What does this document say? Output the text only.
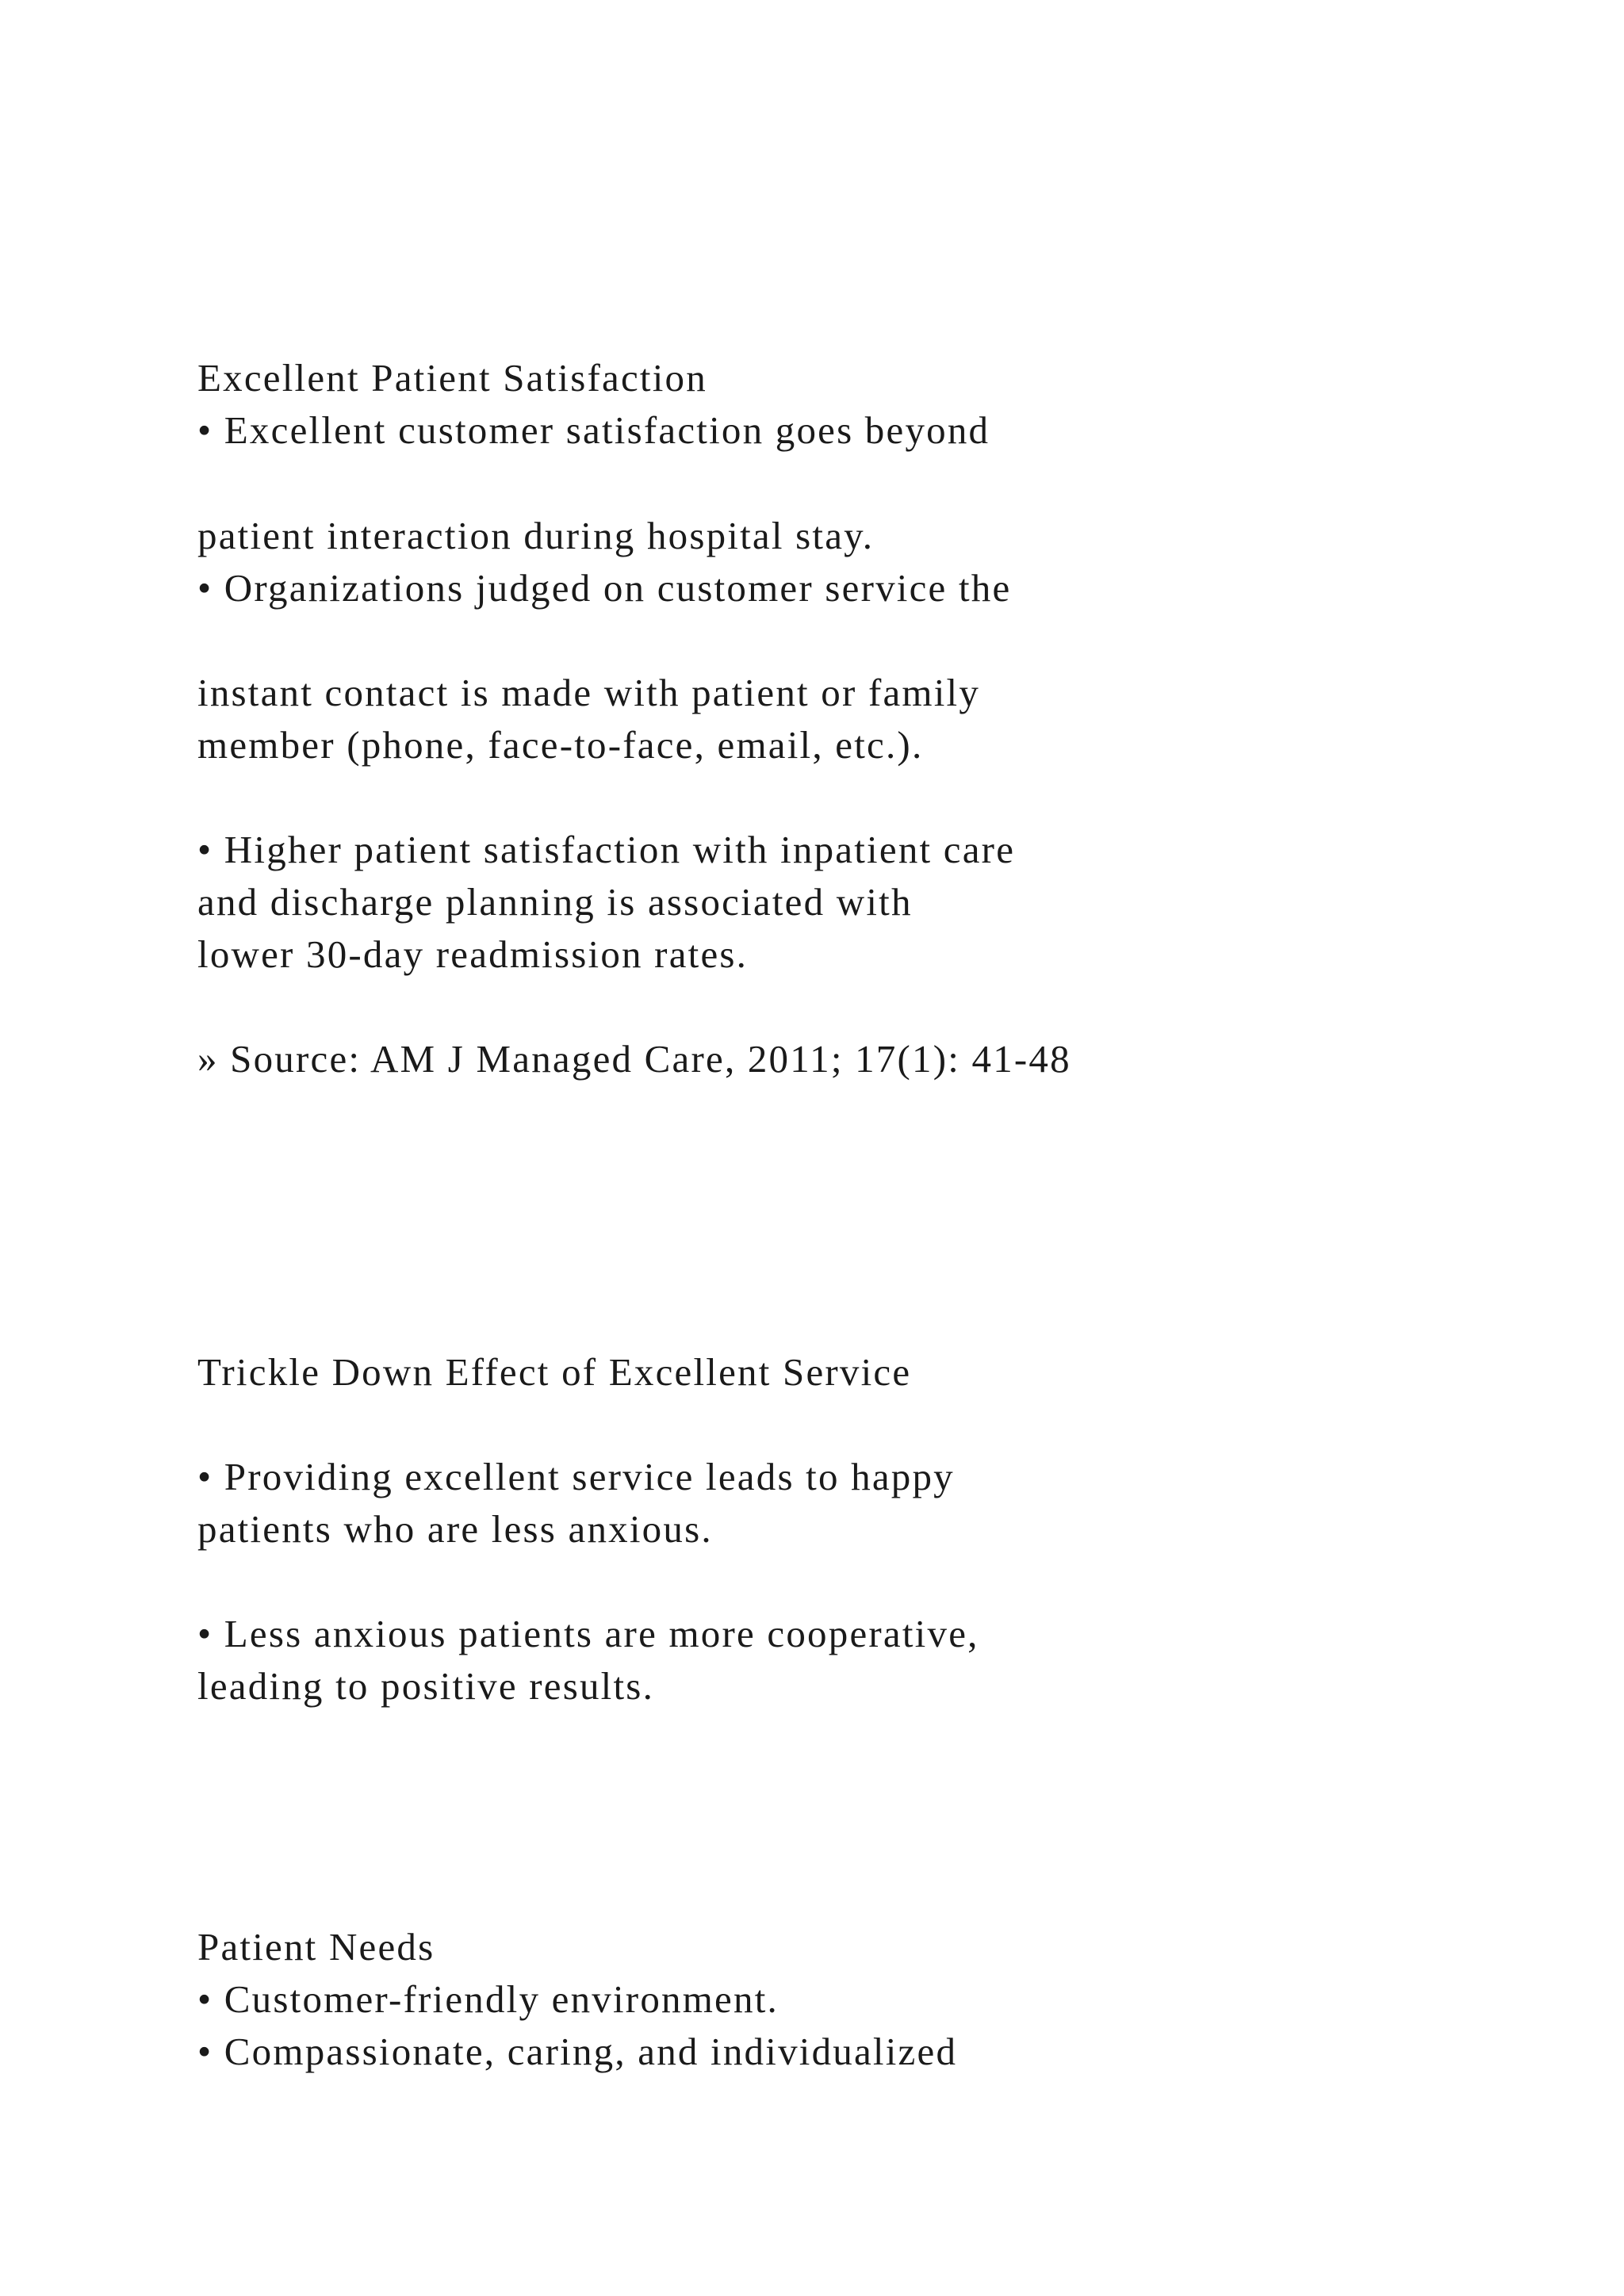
Excellent Patient Satisfaction
• Excellent customer satisfaction goes beyond
patient interaction during hospital stay.
• Organizations judged on customer service the
instant contact is made with patient or family
member (phone, face-to-face, email, etc.).
• Higher patient satisfaction with inpatient care
and discharge planning is associated with
lower 30-day readmission rates.
» Source: AM J Managed Care, 2011; 17(1): 41-48
Trickle Down Effect of Excellent Service
• Providing excellent service leads to happy
patients who are less anxious.
• Less anxious patients are more cooperative,
leading to positive results.
Patient Needs
• Customer-friendly environment.
• Compassionate, caring, and individualized
